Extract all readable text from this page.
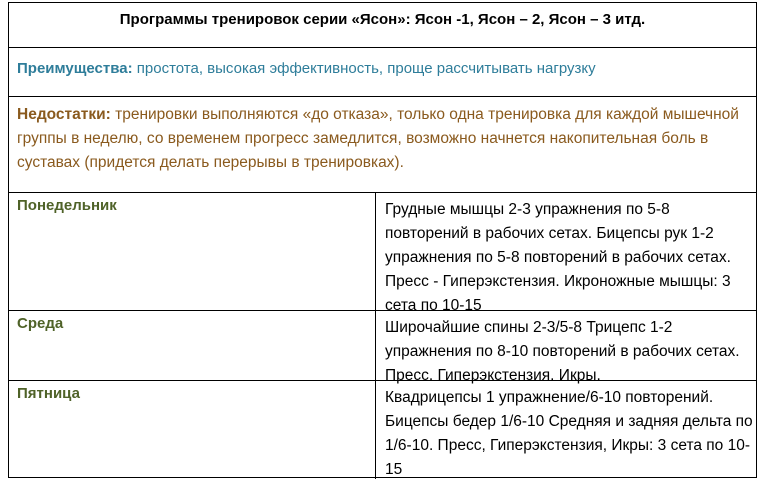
Программы тренировок серии «Ясон»: Ясон -1, Ясон – 2, Ясон – 3 итд.
Преимущества: простота, высокая эффективность, проще рассчитывать нагрузку
Недостатки: тренировки выполняются «до отказа», только одна тренировка для каждой мышечной группы в неделю, со временем прогресс замедлится, возможно начнется накопительная боль в суставах (придется делать перерывы в тренировках).
Понедельник	Грудные мышцы 2-3 упражнения по 5-8 повторений в рабочих сетах. Бицепсы рук 1-2 упражнения по 5-8 повторений в рабочих сетах. Пресс - Гиперэкстензия. Икроножные мышцы: 3 сета по 10-15
Среда	Широчайшие спины 2-3/5-8 Трицепс 1-2 упражнения по 8-10 повторений в рабочих сетах. Пресс. Гиперэкстензия. Икры.
Пятница	Квадрицепсы 1 упражнение/6-10 повторений. Бицепсы бедер 1/6-10 Средняя и задняя дельта по 1/6-10. Пресс, Гиперэкстензия, Икры: 3 сета по 10-15
